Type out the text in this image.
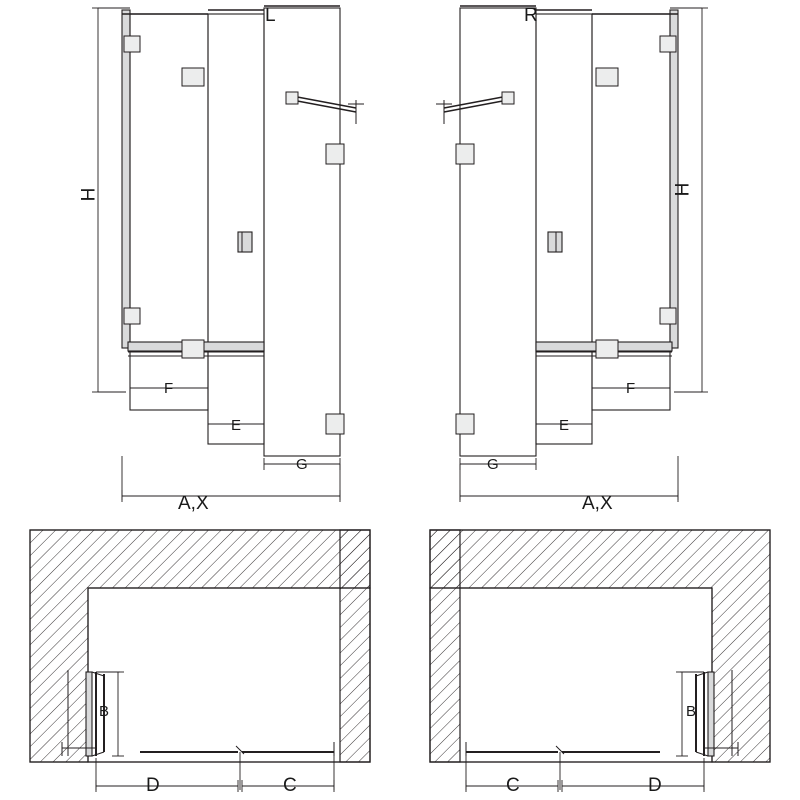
L	R
H	H
F
E
G
F
E
G
A,X	A,X
B	B
D	C	C	D
